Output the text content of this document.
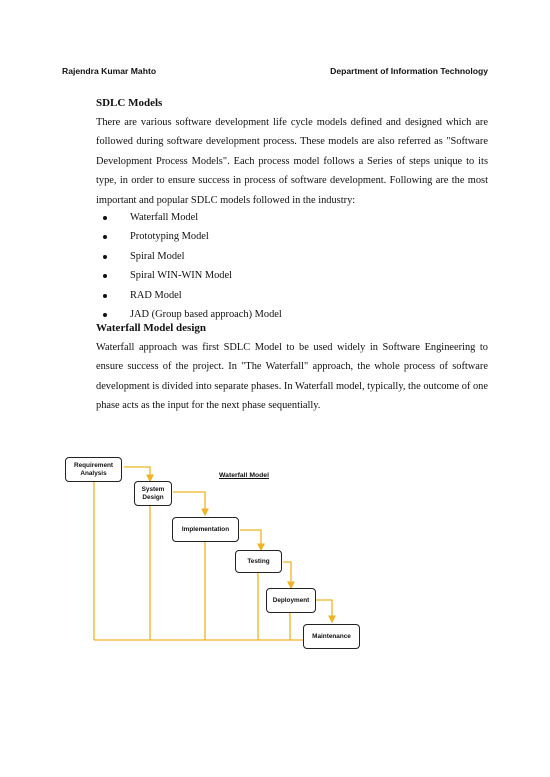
Rajendra Kumar Mahto	Department of Information Technology
SDLC Models
There are various software development life cycle models defined and designed which are followed during software development process. These models are also referred as "Software Development Process Models". Each process model follows a Series of steps unique to its type, in order to ensure success in process of software development. Following are the most important and popular SDLC models followed in the industry:
Waterfall Model
Prototyping Model
Spiral Model
Spiral WIN-WIN Model
RAD Model
JAD (Group based approach) Model
Waterfall Model design
Waterfall approach was first SDLC Model to be used widely in Software Engineering to ensure success of the project. In "The Waterfall" approach, the whole process of software development is divided into separate phases. In Waterfall model, typically, the outcome of one phase acts as the input for the next phase sequentially.
Waterfall Model
Requirement
Analysis
System
Design
Implementation
Testing
Deployment
Maintenance
